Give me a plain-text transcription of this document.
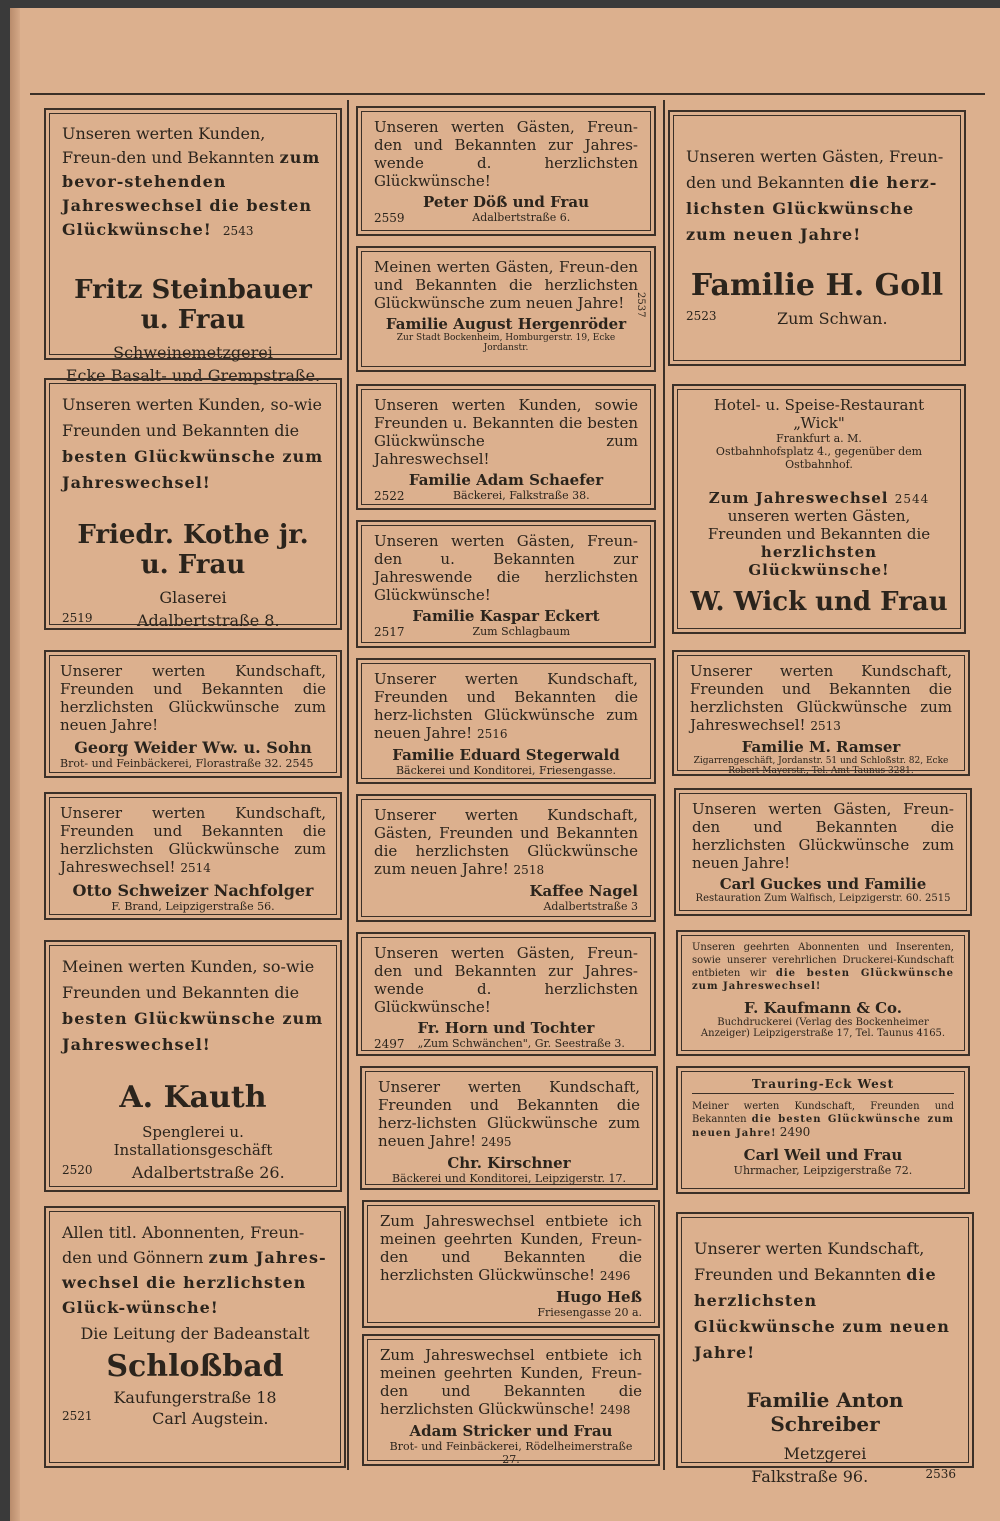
Unseren werten Kunden, Freun-den und Bekannten zum bevor-stehenden Jahreswechsel die besten Glückwünsche! 2543
Fritz Steinbauer u. Frau
Schweinemetzgerei
Ecke Basalt- und Grempstraße.
Unseren werten Kunden, so-wie Freunden und Bekannten die besten Glückwünsche zum Jahreswechsel!
Friedr. Kothe jr. u. Frau
Glaserei
2519	Adalbertstraße 8.
Unserer werten Kundschaft, Freunden und Bekannten die herzlichsten Glückwünsche zum neuen Jahre!
Georg Weider Ww. u. Sohn
Brot- und Feinbäckerei, Florastraße 32. 2545
Unserer werten Kundschaft, Freunden und Bekannten die herzlichsten Glückwünsche zum Jahreswechsel! 2514
Otto Schweizer Nachfolger
F. Brand, Leipzigerstraße 56.
Meinen werten Kunden, so-wie Freunden und Bekannten die besten Glückwünsche zum Jahreswechsel!
A. Kauth
Spenglerei u. Installationsgeschäft
2520 Adalbertstraße 26.
Allen titl. Abonnenten, Freun-den und Gönnern zum Jahres-wechsel die herzlichsten Glück-wünsche!
Die Leitung der Badeanstalt
Schloßbad
Kaufungerstraße 18
2521	Carl Augstein.
Unseren werten Gästen, Freun-den und Bekannten zur Jahres-wende d. herzlichsten Glückwünsche!
Peter Döß und Frau
2559	Adalbertstraße 6.
Meinen werten Gästen, Freun-den und Bekannten die herzlichsten Glückwünsche zum neuen Jahre!
Familie August Hergenröder
Zur Stadt Bockenheim, Homburgerstr. 19, Ecke Jordanstr.
2537
Unseren werten Kunden, sowie Freunden u. Bekannten die besten Glückwünsche zum Jahreswechsel!
Familie Adam Schaefer
2522	Bäckerei, Falkstraße 38.
Unseren werten Gästen, Freun-den u. Bekannten zur Jahreswende die herzlichsten Glückwünsche!
Familie Kaspar Eckert
2517	Zum Schlagbaum
Unserer werten Kundschaft, Freunden und Bekannten die herz-lichsten Glückwünsche zum neuen Jahre! 2516
Familie Eduard Stegerwald
Bäckerei und Konditorei, Friesengasse.
Unserer werten Kundschaft, Gästen, Freunden und Bekannten die herzlichsten Glückwünsche zum neuen Jahre! 2518
Kaffee Nagel
Adalbertstraße 3
Unseren werten Gästen, Freun-den und Bekannten zur Jahres-wende d. herzlichsten Glückwünsche!
Fr. Horn und Tochter
2497 „Zum Schwänchen", Gr. Seestraße 3.
Unserer werten Kundschaft, Freunden und Bekannten die herz-lichsten Glückwünsche zum neuen Jahre! 2495
Chr. Kirschner
Bäckerei und Konditorei, Leipzigerstr. 17.
Zum Jahreswechsel entbiete ich meinen geehrten Kunden, Freun-den und Bekannten die herzlichsten Glückwünsche! 2496
Hugo Heß
Friesengasse 20 a.
Zum Jahreswechsel entbiete ich meinen geehrten Kunden, Freun-den und Bekannten die herzlichsten Glückwünsche! 2498
Adam Stricker und Frau
Brot- und Feinbäckerei, Rödelheimerstraße 27.
Unseren werten Gästen, Freun-den und Bekannten die herz-lichsten Glückwünsche zum neuen Jahre!
Familie H. Goll
2523	Zum Schwan.
Hotel- u. Speise-Restaurant „Wick"
Frankfurt a. M.
Ostbahnhofsplatz 4., gegenüber dem Ostbahnhof.
Zum Jahreswechsel 2544
unseren werten Gästen, Freunden und Bekannten die
herzlichsten Glückwünsche!
W. Wick und Frau
Unserer werten Kundschaft, Freunden und Bekannten die herzlichsten Glückwünsche zum Jahreswechsel! 2513
Familie M. Ramser
Zigarrengeschäft, Jordanstr. 51 und Schloßstr. 82, Ecke Robert Mayerstr., Tel. Amt Taunus 3281.
Unseren werten Gästen, Freun-den und Bekannten die herzlichsten Glückwünsche zum neuen Jahre!
Carl Guckes und Familie
Restauration Zum Walfisch, Leipzigerstr. 60. 2515
Unseren geehrten Abonnenten und Inserenten, sowie unserer verehrlichen Druckerei-Kundschaft entbieten wir die besten Glückwünsche zum Jahreswechsel!
F. Kaufmann & Co.
Buchdruckerei (Verlag des Bockenheimer Anzeiger) Leipzigerstraße 17, Tel. Taunus 4165.
Trauring-Eck West
Meiner werten Kundschaft, Freunden und Bekannten die besten Glückwünsche zum neuen Jahre! 2490
Carl Weil und Frau
Uhrmacher, Leipzigerstraße 72.
Unserer werten Kundschaft, Freunden und Bekannten die herzlichsten Glückwünsche zum neuen Jahre!
Familie Anton Schreiber
Metzgerei
Falkstraße 96.	2536
